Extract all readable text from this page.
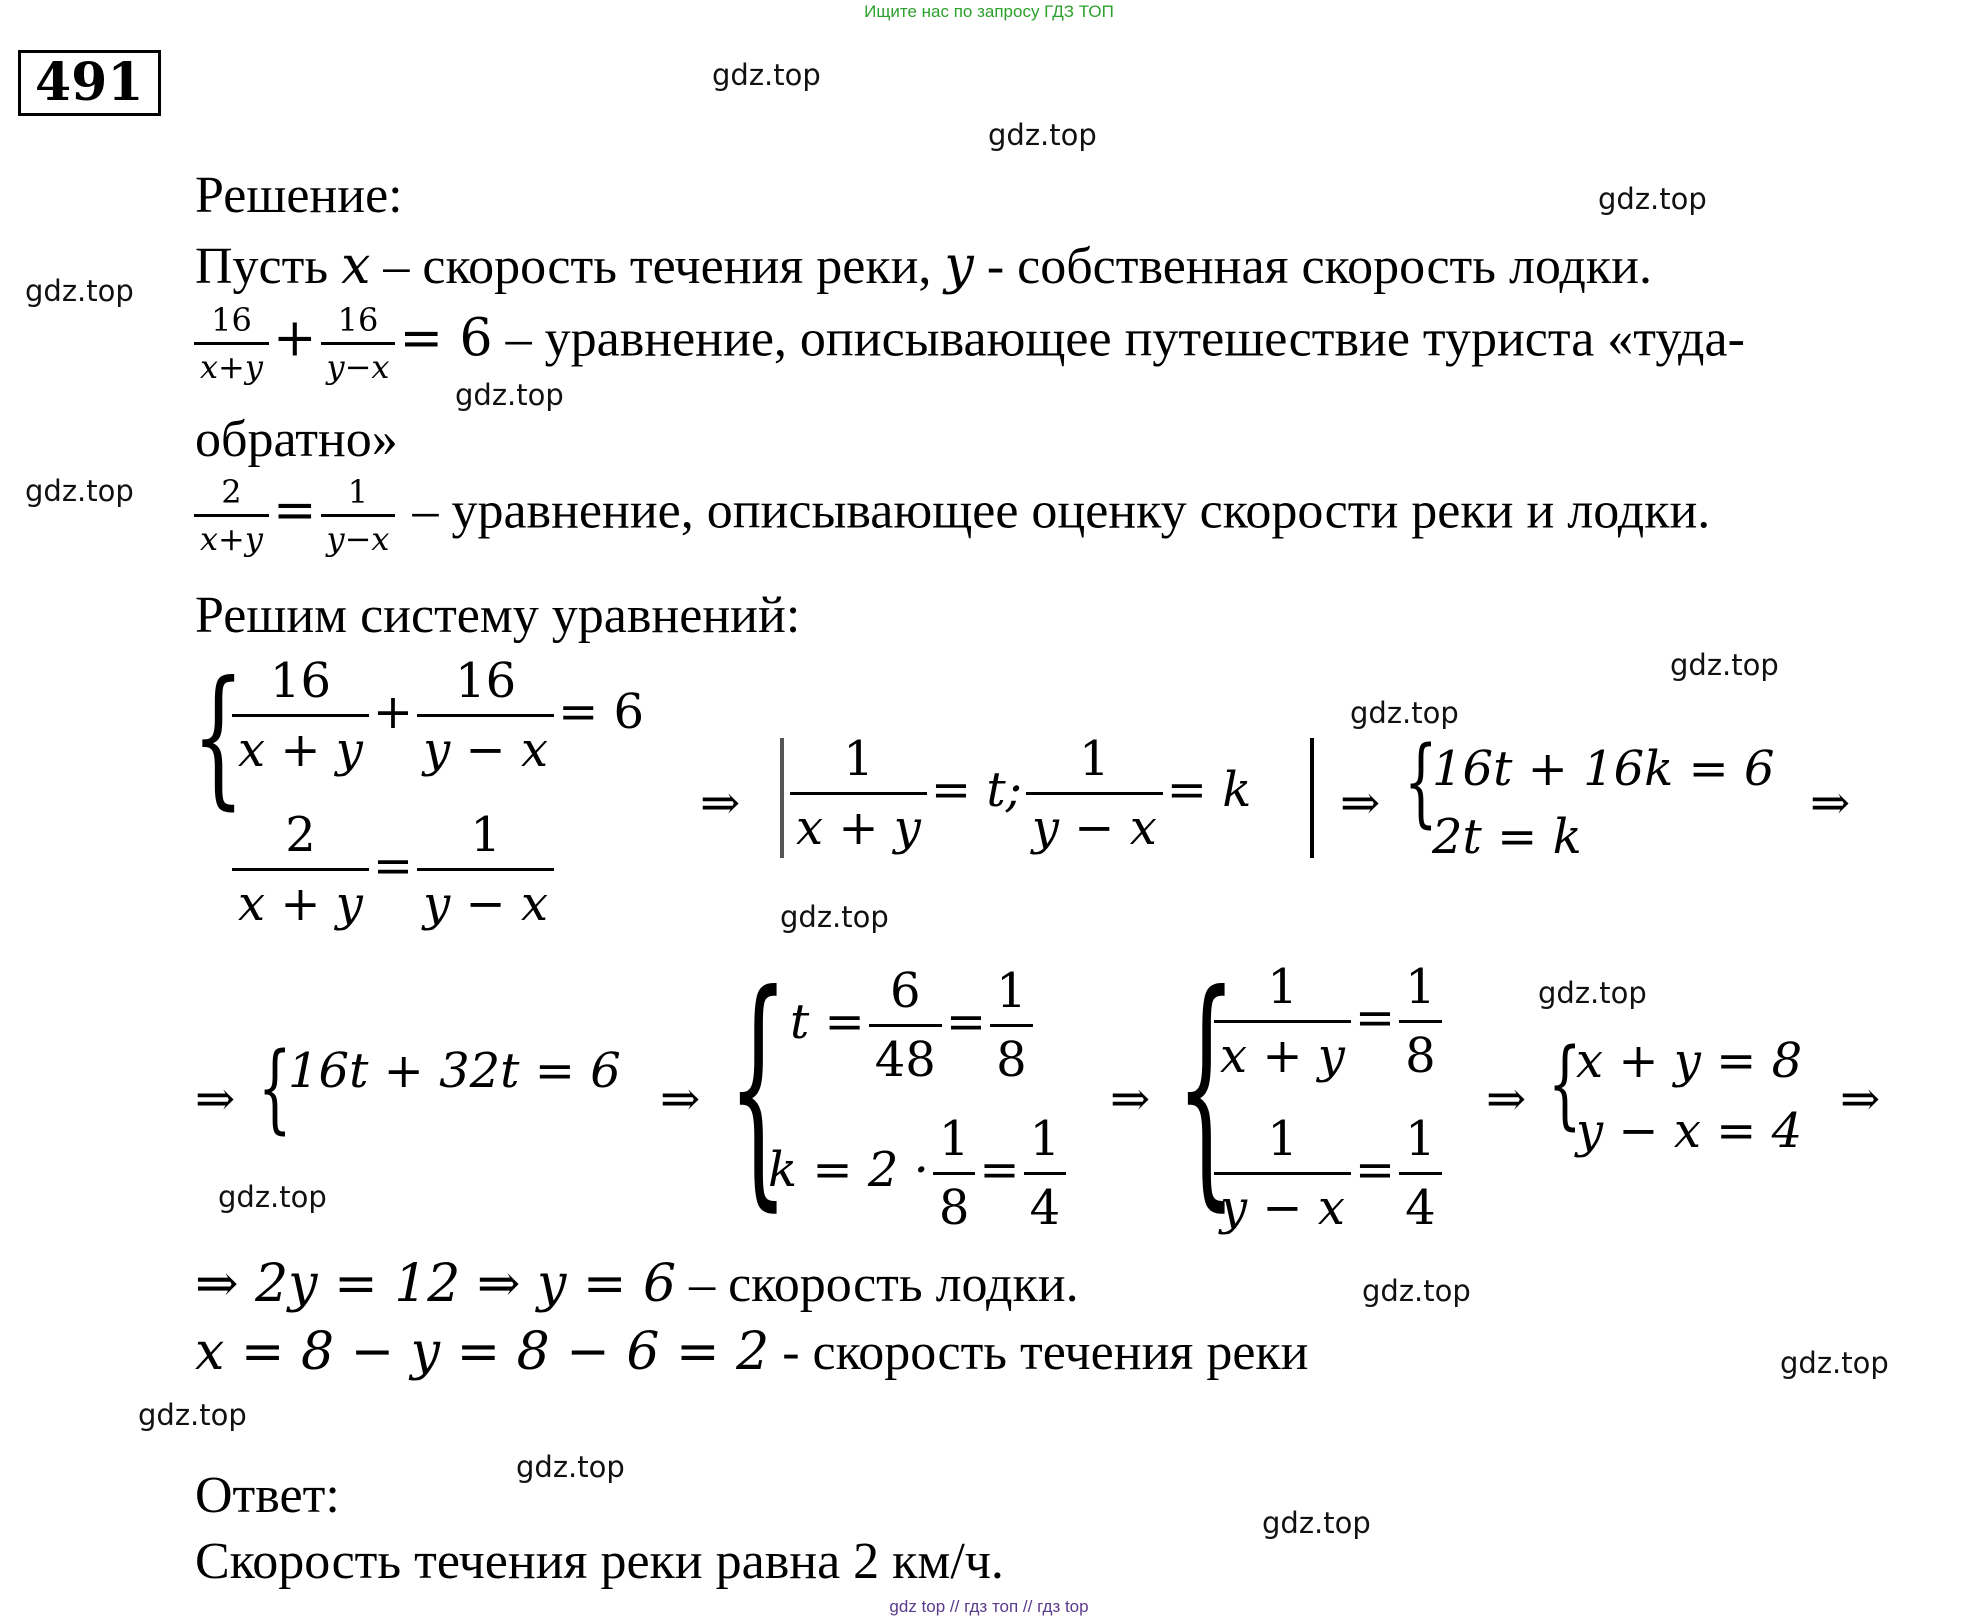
Ищите нас по запросу ГДЗ ТОП
gdz top // гдз топ // гдз top
491	gdz.top
gdz.top
gdz.top
gdz.top
gdz.top
gdz.top
gdz.top
gdz.top
gdz.top
gdz.top
gdz.top
gdz.top
gdz.top
gdz.top
gdz.top
gdz.top
Решение:
Пусть x – скорость течения реки, y - собственная скорость лодки.
$\frac{16}{x+y} + \frac{16}{y-x} = 6$ – уравнение, описывающее путешествие туриста «туда-
обратно»
$\frac{2}{x+y} = \frac{1}{y-x}$ – уравнение, описывающее оценку скорости реки и лодки.
Решим систему уравнений:
{
$\frac{16}{x + y} + \frac{16}{y - x} = 6$
$\frac{2}{x + y} = \frac{1}{y - x}$
⇒ $\frac{1}{x + y} = t$; $\frac{1}{y - x} = k$ ⇒ {
16t + 16k = 6
2t = k
⇒
⇒ {
16t + 32t = 6 ⇒ { $t = \frac{6}{48} = \frac{1}{8}$
$k = 2 \cdot \frac{1}{8} = \frac{1}{4}$
⇒ {
$\frac{1}{x + y} = \frac{1}{8}$
$\frac{1}{y - x} = \frac{1}{4}$
⇒ {
x + y = 8
y − x = 4
⇒
⇒ 2y = 12 ⇒ y = 6 – скорость лодки.
x = 8 − y = 8 − 6 = 2 - скорость течения реки
Ответ:
Скорость течения реки равна 2 км/ч.
